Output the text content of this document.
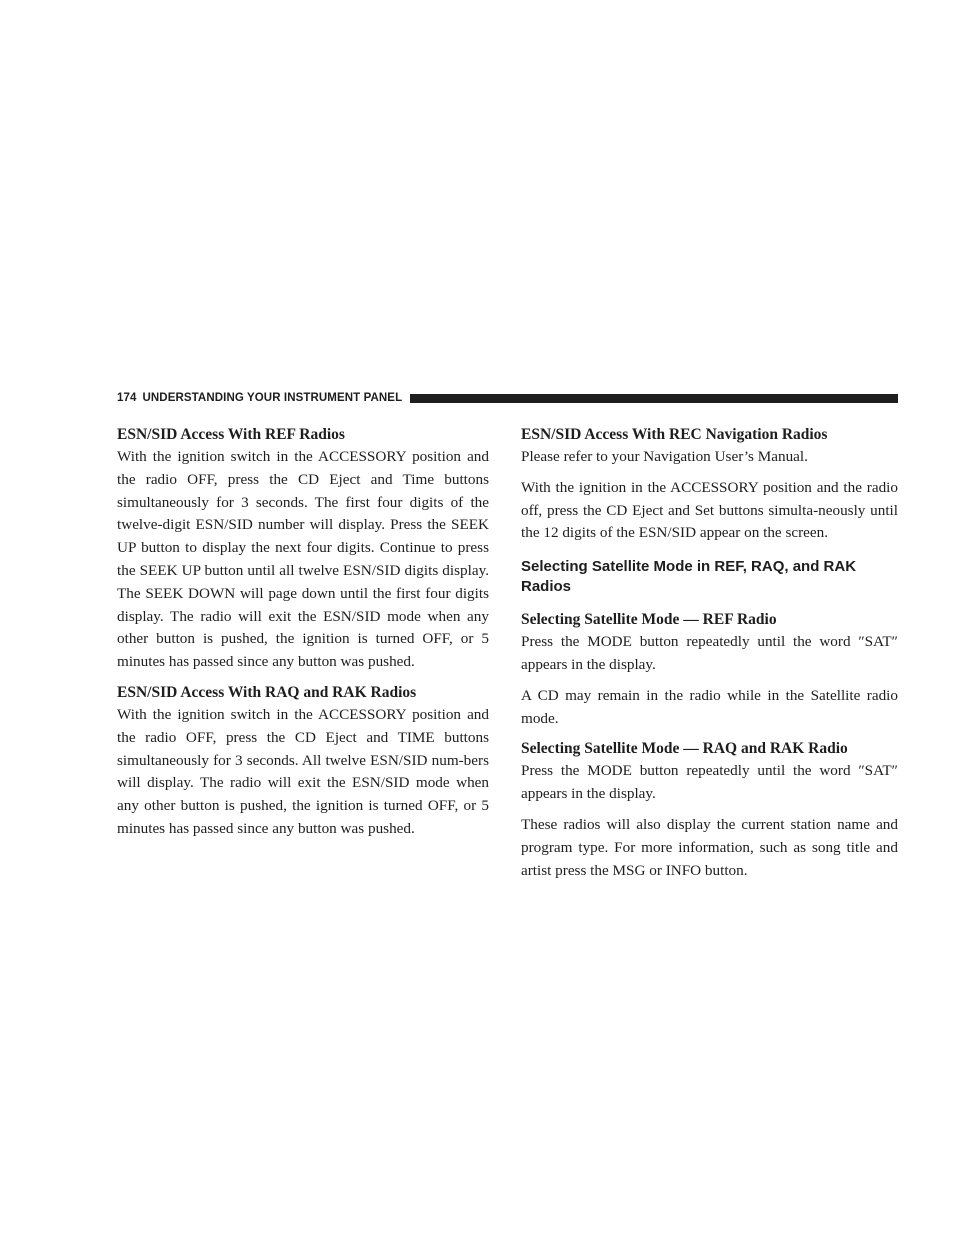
174 UNDERSTANDING YOUR INSTRUMENT PANEL
ESN/SID Access With REF Radios

With the ignition switch in the ACCESSORY position and the radio OFF, press the CD Eject and Time buttons simultaneously for 3 seconds. The first four digits of the twelve-digit ESN/SID number will display. Press the SEEK UP button to display the next four digits. Continue to press the SEEK UP button until all twelve ESN/SID digits display. The SEEK DOWN will page down until the first four digits display. The radio will exit the ESN/SID mode when any other button is pushed, the ignition is turned OFF, or 5 minutes has passed since any button was pushed.

ESN/SID Access With RAQ and RAK Radios

With the ignition switch in the ACCESSORY position and the radio OFF, press the CD Eject and TIME buttons simultaneously for 3 seconds. All twelve ESN/SID num-bers will display. The radio will exit the ESN/SID mode when any other button is pushed, the ignition is turned OFF, or 5 minutes has passed since any button was pushed.

ESN/SID Access With REC Navigation Radios

Please refer to your Navigation User’s Manual.

With the ignition in the ACCESSORY position and the radio off, press the CD Eject and Set buttons simulta-neously until the 12 digits of the ESN/SID appear on the screen.

Selecting Satellite Mode in REF, RAQ, and RAK Radios
Selecting Satellite Mode — REF Radio

Press the MODE button repeatedly until the word ″SAT″ appears in the display.

A CD may remain in the radio while in the Satellite radio mode.

Selecting Satellite Mode — RAQ and RAK Radio

Press the MODE button repeatedly until the word ″SAT″ appears in the display.

These radios will also display the current station name and program type. For more information, such as song title and artist press the MSG or INFO button.
